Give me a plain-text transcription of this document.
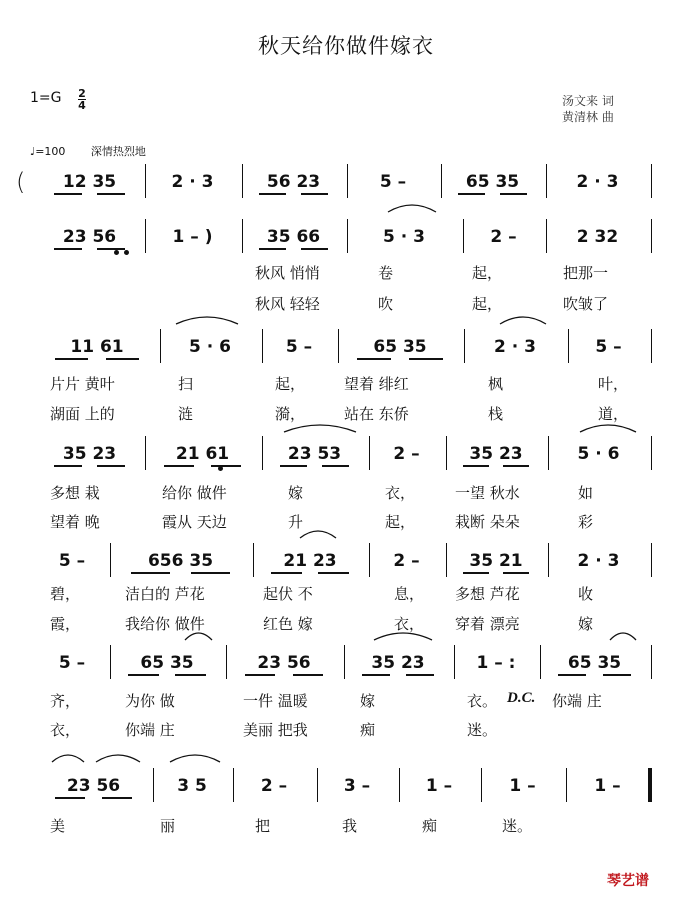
秋天给你做件嫁衣
1=G 2
4	汤文来 词
黄清林 曲
♩=100 深情热烈地
(	12 35	2 · 3	56 23	5 –	65 35	2 · 3
23 56	1 – )	35 66	5 · 3	2 –	2 32
秋风 悄悄	卷	起，	把那一
秋风 轻轻	吹	起，	吹皱了
11 61	5 · 6	5 –	65 35	2 · 3	5 –
片片 黄叶	扫	起，	望着 绯红	枫	叶，
湖面 上的	涟	漪，	站在 东侨	栈	道，
35 23	21 61	23 53	2 –	35 23	5 · 6
多想 栽	给你 做件	嫁	衣，	一望 秋水	如
望着 晚	霞从 天边	升	起，	栽断 朵朵	彩
5 –	656 35	21 23	2 –	35 21	2 · 3
碧，	洁白的 芦花	起伏 不	息， 多想 芦花	收
霞，	我给你 做件	红色 嫁	衣， 穿着 漂亮	嫁
5 –	65 35	23 56	35 23	1 – :	65 35
齐，	为你 做	一件 温暖	嫁	衣。	你端 庄
衣，	你端 庄	美丽 把我	痴	迷。
23 56	3 5	2 –	3 –	1 –	1 –	1 –
美	丽	把	我	痴	迷。
D.C.
琴艺谱
